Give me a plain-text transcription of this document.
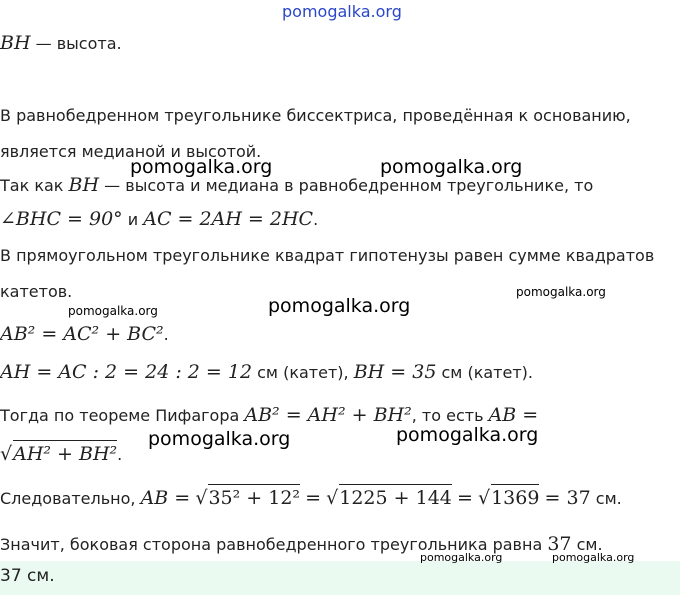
pomogalka.org
BH — высота.
В равнобедренном треугольнике биссектриса, проведённая к основанию,
является медианой и высотой.
Так как BH — высота и медиана в равнобедренном треугольнике, то
∠BHC = 90° и AC = 2AH = 2HC.
В прямоугольном треугольнике квадрат гипотенузы равен сумме квадратов
катетов.
AB² = AC² + BC².
AH = AC : 2 = 24 : 2 = 12 см (катет), BH = 35 см (катет).
Тогда по теореме Пифагора AB² = AH² + BH², то есть AB =
√AH² + BH².
Следовательно, AB = √35² + 12² = √1225 + 144 = √1369 = 37 см.
Значит, боковая сторона равнобедренного треугольника равна 37 см.
37 см.
pomogalka.org	pomogalka.org
pomogalka.org	pomogalka.org
pomogalka.org
pomogalka.org	pomogalka.org
pomogalka.org	pomogalka.org
